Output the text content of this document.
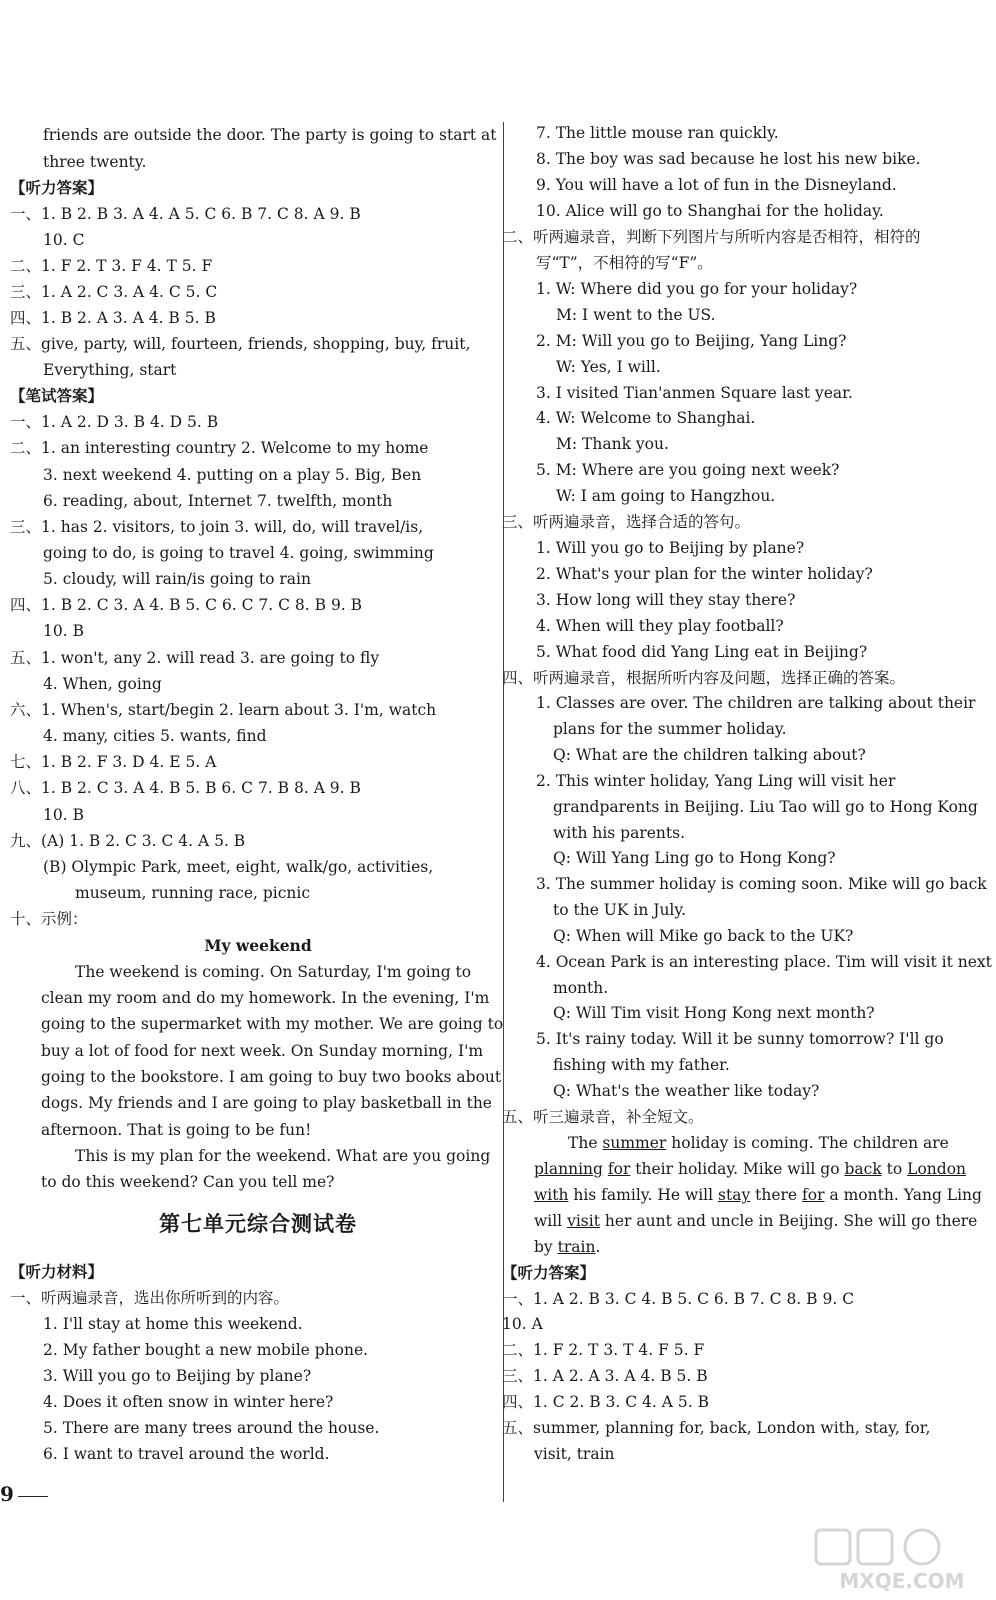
friends are outside the door. The party is going to start at
three twenty.
【听力答案】
一、1. B 2. B 3. A 4. A 5. C 6. B 7. C 8. A 9. B
10. C
二、1. F 2. T 3. F 4. T 5. F
三、1. A 2. C 3. A 4. C 5. C
四、1. B 2. A 3. A 4. B 5. B
五、give, party, will, fourteen, friends, shopping, buy, fruit,
Everything, start
【笔试答案】
一、1. A 2. D 3. B 4. D 5. B
二、1. an interesting country 2. Welcome to my home
3. next weekend 4. putting on a play 5. Big, Ben
6. reading, about, Internet 7. twelfth, month
三、1. has 2. visitors, to join 3. will, do, will travel/is,
going to do, is going to travel 4. going, swimming
5. cloudy, will rain/is going to rain
四、1. B 2. C 3. A 4. B 5. C 6. C 7. C 8. B 9. B
10. B
五、1. won't, any 2. will read 3. are going to fly
4. When, going
六、1. When's, start/begin 2. learn about 3. I'm, watch
4. many, cities 5. wants, find
七、1. B 2. F 3. D 4. E 5. A
八、1. B 2. C 3. A 4. B 5. B 6. C 7. B 8. A 9. B
10. B
九、(A) 1. B 2. C 3. C 4. A 5. B
(B) Olympic Park, meet, eight, walk/go, activities,
museum, running race, picnic
十、示例：
My weekend
The weekend is coming. On Saturday, I'm going to
clean my room and do my homework. In the evening, I'm
going to the supermarket with my mother. We are going to
buy a lot of food for next week. On Sunday morning, I'm
going to the bookstore. I am going to buy two books about
dogs. My friends and I are going to play basketball in the
afternoon. That is going to be fun!
This is my plan for the weekend. What are you going
to do this weekend? Can you tell me?
第七单元综合测试卷
【听力材料】
一、听两遍录音，选出你所听到的内容。
1. I'll stay at home this weekend.
2. My father bought a new mobile phone.
3. Will you go to Beijing by plane?
4. Does it often snow in winter here?
5. There are many trees around the house.
6. I want to travel around the world.
9
7. The little mouse ran quickly.
8. The boy was sad because he lost his new bike.
9. You will have a lot of fun in the Disneyland.
10. Alice will go to Shanghai for the holiday.
二、听两遍录音，判断下列图片与所听内容是否相符，相符的
写“T”，不相符的写“F”。
1. W: Where did you go for your holiday?
M: I went to the US.
2. M: Will you go to Beijing, Yang Ling?
W: Yes, I will.
3. I visited Tian'anmen Square last year.
4. W: Welcome to Shanghai.
M: Thank you.
5. M: Where are you going next week?
W: I am going to Hangzhou.
三、听两遍录音，选择合适的答句。
1. Will you go to Beijing by plane?
2. What's your plan for the winter holiday?
3. How long will they stay there?
4. When will they play football?
5. What food did Yang Ling eat in Beijing?
四、听两遍录音，根据所听内容及问题，选择正确的答案。
1. Classes are over. The children are talking about their
plans for the summer holiday.
Q: What are the children talking about?
2. This winter holiday, Yang Ling will visit her
grandparents in Beijing. Liu Tao will go to Hong Kong
with his parents.
Q: Will Yang Ling go to Hong Kong?
3. The summer holiday is coming soon. Mike will go back
to the UK in July.
Q: When will Mike go back to the UK?
4. Ocean Park is an interesting place. Tim will visit it next
month.
Q: Will Tim visit Hong Kong next month?
5. It's rainy today. Will it be sunny tomorrow? I'll go
fishing with my father.
Q: What's the weather like today?
五、听三遍录音，补全短文。
The summer holiday is coming. The children are
planning for their holiday. Mike will go back to London
with his family. He will stay there for a month. Yang Ling
will visit her aunt and uncle in Beijing. She will go there
by train.
【听力答案】
一、1. A 2. B 3. C 4. B 5. C 6. B 7. C 8. B 9. C
10. A
二、1. F 2. T 3. T 4. F 5. F
三、1. A 2. A 3. A 4. B 5. B
四、1. C 2. B 3. C 4. A 5. B
五、summer, planning for, back, London with, stay, for,
visit, train
MXQE.COM
